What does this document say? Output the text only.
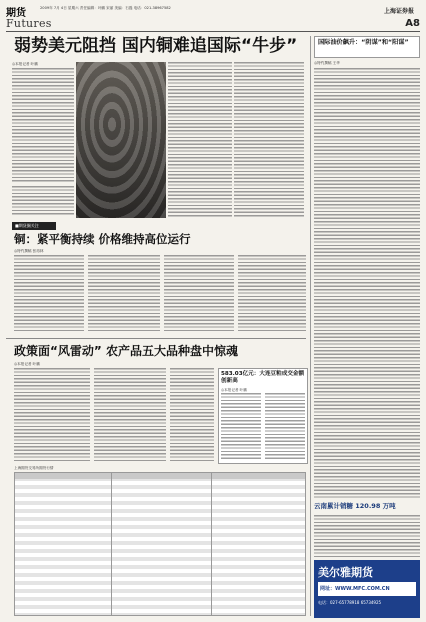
期货	2009年 7月 4日 星期六 责任编辑：叶鹏 宋丽 美编：石磊 电话：021-38967582
Futures
上海证券报
A8
弱势美元阻挡 国内铜难追国际“牛步”
◎本报记者 叶鹏
■期货圈关注
铜：紧平衡持续 价格维持高位运行
◎特约撰稿 张再林
国际油价飙升：“阴谋”和“阳谋”
◎特约撰稿 王华
云南累计销糖 120.98 万吨
美尔雅期货
网址：WWW.MFC.COM.CN
电话：027-65778918 65734925
政策面“风雷动” 农产品五大品种盘中惊魂
◎本报记者 叶鹏
583.03亿元：大连豆粕成交金额创新高
◎本报记者 叶鹏
上海期货交易所期货行情
